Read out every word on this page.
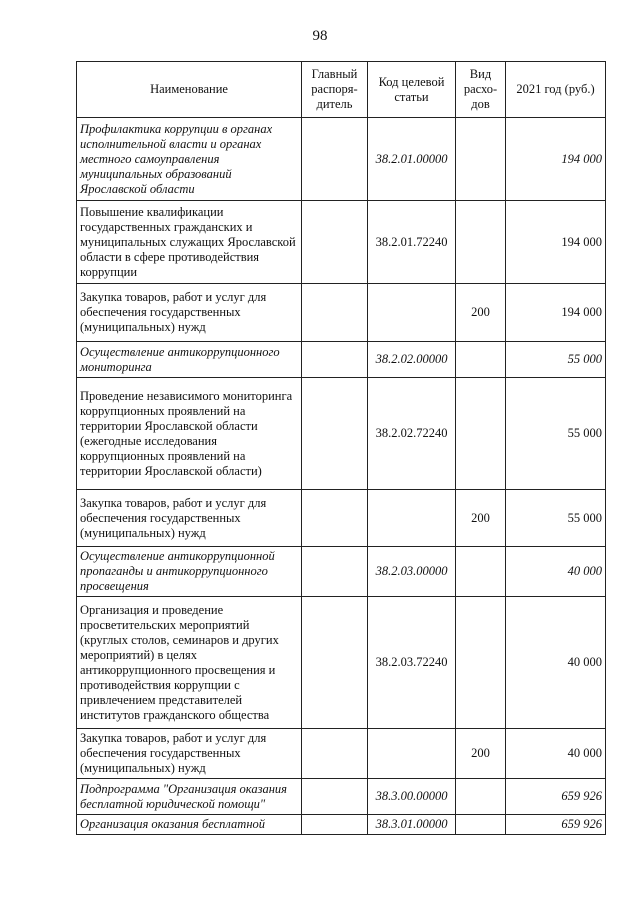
98
Наименование	Главный распоря-дитель	Код целевой статьи	Вид расхо-дов	2021 год (руб.)
Профилактика коррупции в органах исполнительной власти и органах местного самоуправления муниципальных образований Ярославской области		38.2.01.00000		194 000
Повышение квалификации государственных гражданских и муниципальных служащих Ярославской области в сфере противодействия коррупции		38.2.01.72240		194 000
Закупка товаров, работ и услуг для обеспечения государственных (муниципальных) нужд			200	194 000
Осуществление антикоррупционного мониторинга		38.2.02.00000		55 000
Проведение независимого мониторинга коррупционных проявлений на территории Ярославской области (ежегодные исследования коррупционных проявлений на территории Ярославской области)		38.2.02.72240		55 000
Закупка товаров, работ и услуг для обеспечения государственных (муниципальных) нужд			200	55 000
Осуществление антикоррупционной пропаганды и антикоррупционного просвещения		38.2.03.00000		40 000
Организация и проведение просветительских мероприятий (круглых столов, семинаров и других мероприятий) в целях антикоррупционного просвещения и противодействия коррупции с привлечением представителей институтов гражданского общества		38.2.03.72240		40 000
Закупка товаров, работ и услуг для обеспечения государственных (муниципальных) нужд			200	40 000
Подпрограмма "Организация оказания бесплатной юридической помощи"		38.3.00.00000		659 926
Организация оказания бесплатной		38.3.01.00000		659 926
